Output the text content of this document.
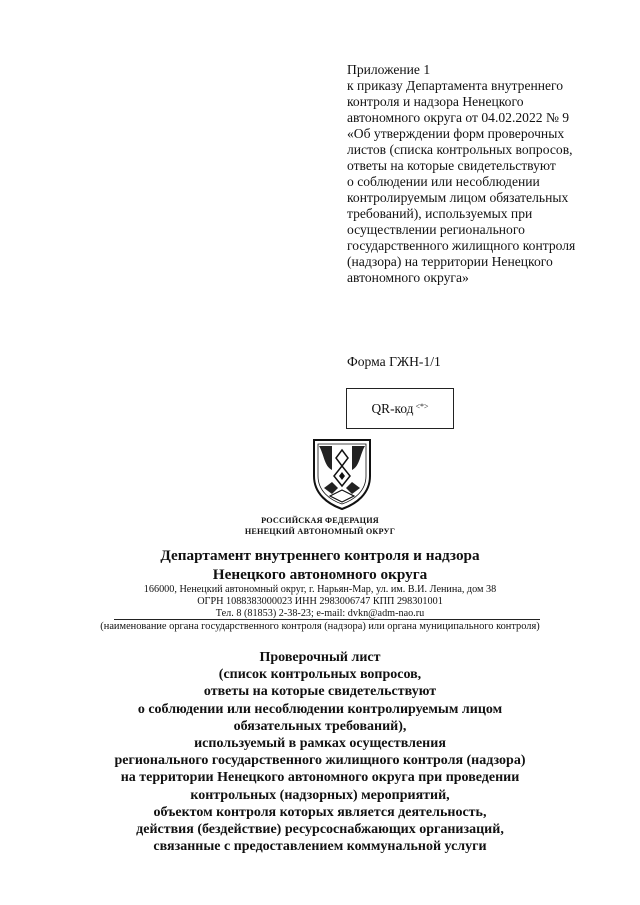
Приложение 1
к приказу Департамента внутреннего
контроля и надзора Ненецкого
автономного округа от 04.02.2022 № 9
«Об утверждении форм проверочных
листов (списка контрольных вопросов,
ответы на которые свидетельствуют
о соблюдении или несоблюдении
контролируемым лицом обязательных
требований), используемых при
осуществлении регионального
государственного жилищного контроля
(надзора) на территории Ненецкого
автономного округа»
Форма ГЖН-1/1
QR-код <*>
РОССИЙСКАЯ ФЕДЕРАЦИЯ
НЕНЕЦКИЙ АВТОНОМНЫЙ ОКРУГ
Департамент внутреннего контроля и надзора
Ненецкого автономного округа
166000, Ненецкий автономный округ, г. Нарьян-Мар, ул. им. В.И. Ленина, дом 38
ОГРН 1088383000023 ИНН 2983006747 КПП 298301001
Тел. 8 (81853) 2-38-23; e-mail: dvkn@adm-nao.ru
(наименование органа государственного контроля (надзора) или органа муниципального контроля)
Проверочный лист
(список контрольных вопросов,
ответы на которые свидетельствуют
о соблюдении или несоблюдении контролируемым лицом
обязательных требований),
используемый в рамках осуществления
регионального государственного жилищного контроля (надзора)
на территории Ненецкого автономного округа при проведении
контрольных (надзорных) мероприятий,
объектом контроля которых является деятельность,
действия (бездействие) ресурсоснабжающих организаций,
связанные с предоставлением коммунальной услуги
